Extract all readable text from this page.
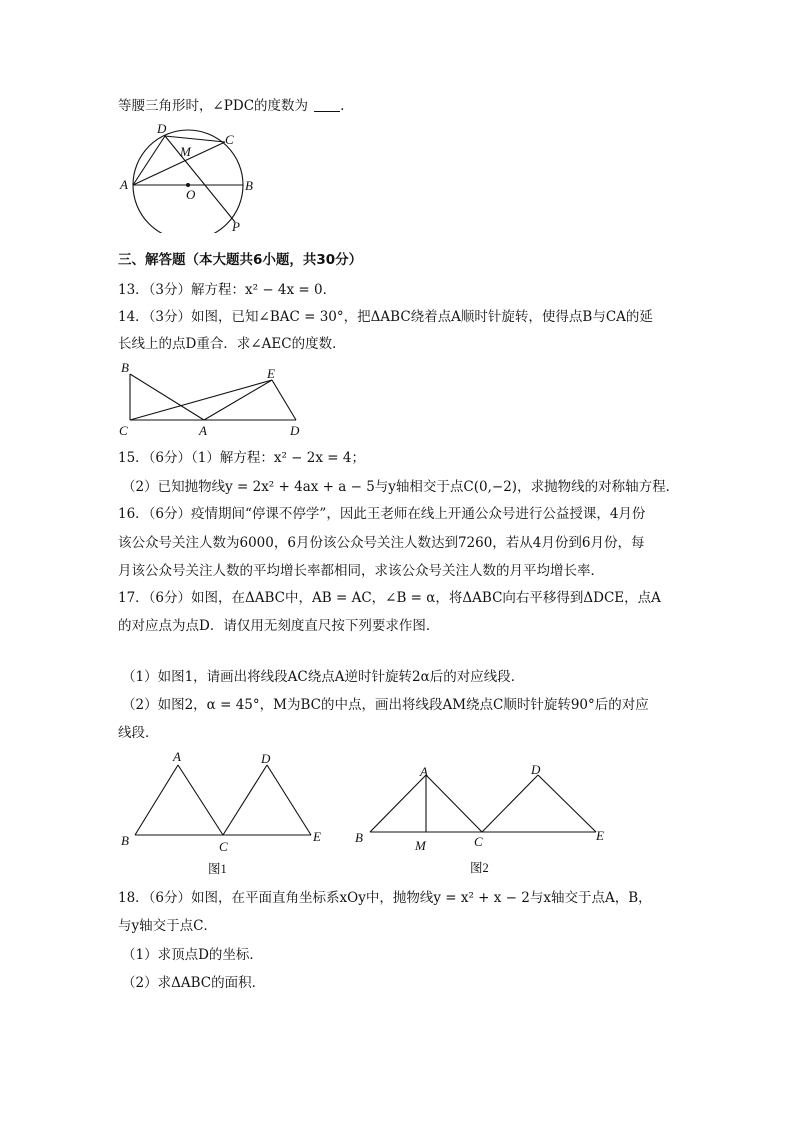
等腰三角形时，∠PDC的度数为 .
D
C
M
A
O
B
P
三、解答题（本大题共6小题，共30分）
13．（3分）解方程：x² − 4x = 0．
14．（3分）如图，已知∠BAC = 30°，把ΔABC绕着点A顺时针旋转，使得点B与CA的延
长线上的点D重合．求∠AEC的度数．
B	E
C	A	D
15．（6分）（1）解方程：x² − 2x = 4；
（2）已知抛物线y = 2x² + 4ax + a − 5与y轴相交于点C(0,−2)，求抛物线的对称轴方程．
16．（6分）疫情期间“停课不停学”，因此王老师在线上开通公众号进行公益授课，4月份
该公众号关注人数为6000，6月份该公众号关注人数达到7260，若从4月份到6月份，每
月该公众号关注人数的平均增长率都相同，求该公众号关注人数的月平均增长率．
17．（6分）如图，在ΔABC中，AB = AC，∠B = α，将ΔABC向右平移得到ΔDCE，点A
的对应点为点D．请仅用无刻度直尺按下列要求作图．
（1）如图1，请画出将线段AC绕点A逆时针旋转2α后的对应线段．
（2）如图2，α = 45°，M为BC的中点，画出将线段AM绕点C顺时针旋转90°后的对应
线段．
A	D
B	C
E
图1
A	D
B
M	C	E
图2
18．（6分）如图，在平面直角坐标系xOy中，抛物线y = x² + x − 2与x轴交于点A，B，
与y轴交于点C．
（1）求顶点D的坐标．
（2）求ΔABC的面积．
